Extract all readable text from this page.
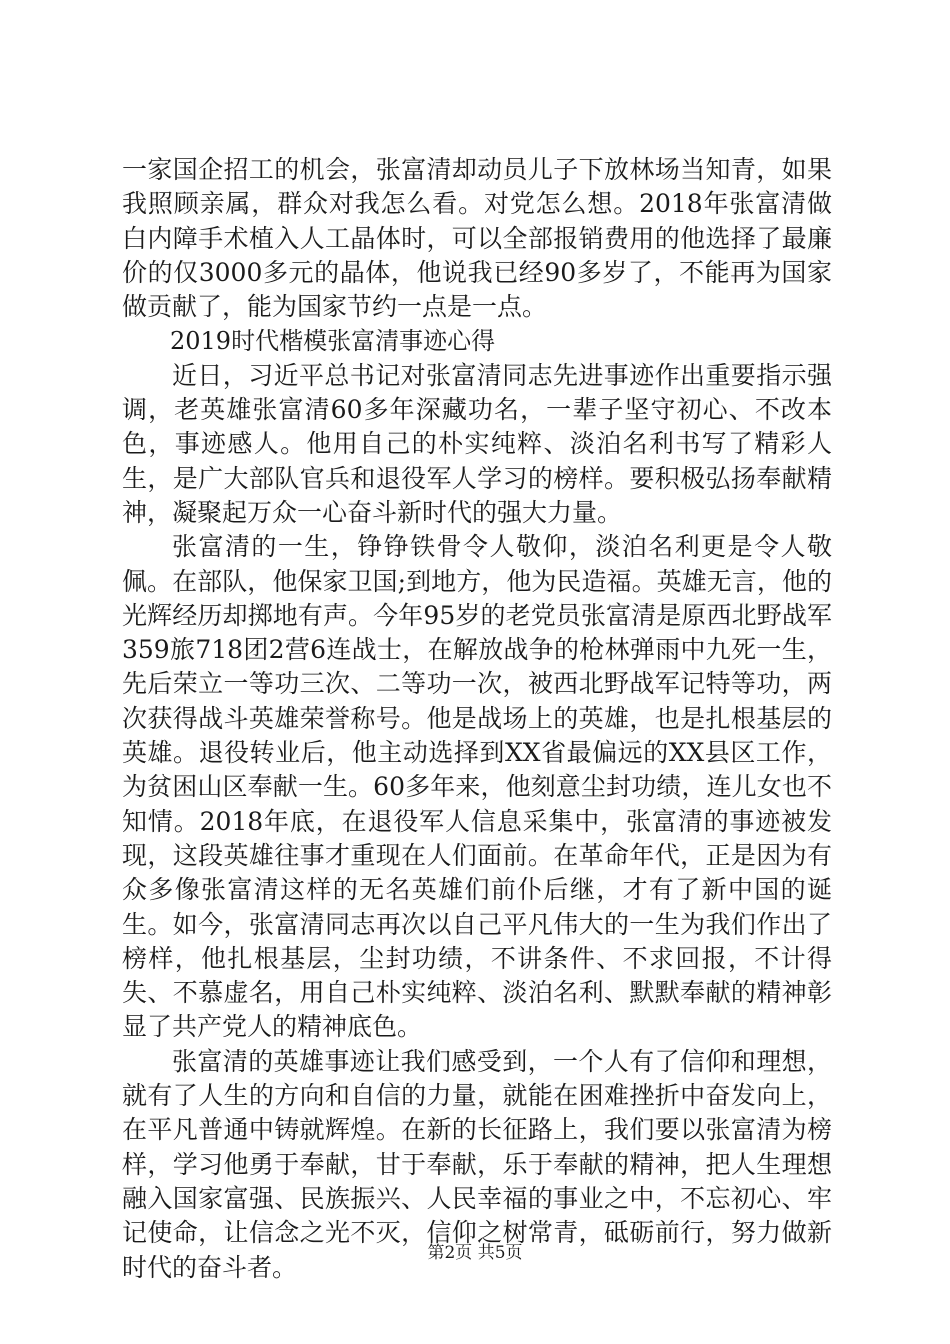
一家国企招工的机会，张富清却动员儿子下放林场当知青，如果我照顾亲属，群众对我怎么看。对党怎么想。2018年张富清做白内障手术植入人工晶体时，可以全部报销费用的他选择了最廉价的仅3000多元的晶体，他说我已经90多岁了，不能再为国家做贡献了，能为国家节约一点是一点。

2019时代楷模张富清事迹心得

近日，习近平总书记对张富清同志先进事迹作出重要指示强调，老英雄张富清60多年深藏功名，一辈子坚守初心、不改本色，事迹感人。他用自己的朴实纯粹、淡泊名利书写了精彩人生，是广大部队官兵和退役军人学习的榜样。要积极弘扬奉献精神，凝聚起万众一心奋斗新时代的强大力量。

张富清的一生，铮铮铁骨令人敬仰，淡泊名利更是令人敬佩。在部队，他保家卫国;到地方，他为民造福。英雄无言，他的光辉经历却掷地有声。今年95岁的老党员张富清是原西北野战军359旅718团2营6连战士，在解放战争的枪林弹雨中九死一生，先后荣立一等功三次、二等功一次，被西北野战军记特等功，两次获得战斗英雄荣誉称号。他是战场上的英雄，也是扎根基层的英雄。退役转业后，他主动选择到XX省最偏远的XX县区工作，为贫困山区奉献一生。60多年来，他刻意尘封功绩，连儿女也不知情。2018年底，在退役军人信息采集中，张富清的事迹被发现，这段英雄往事才重现在人们面前。在革命年代，正是因为有众多像张富清这样的无名英雄们前仆后继，才有了新中国的诞生。如今，张富清同志再次以自己平凡伟大的一生为我们作出了榜样，他扎根基层，尘封功绩，不讲条件、不求回报，不计得失、不慕虚名，用自己朴实纯粹、淡泊名利、默默奉献的精神彰显了共产党人的精神底色。

张富清的英雄事迹让我们感受到，一个人有了信仰和理想，就有了人生的方向和自信的力量，就能在困难挫折中奋发向上，在平凡普通中铸就辉煌。在新的长征路上，我们要以张富清为榜样，学习他勇于奉献，甘于奉献，乐于奉献的精神，把人生理想融入国家富强、民族振兴、人民幸福的事业之中，不忘初心、牢记使命，让信念之光不灭，信仰之树常青，砥砺前行，努力做新时代的奋斗者。	第2页 共5页
